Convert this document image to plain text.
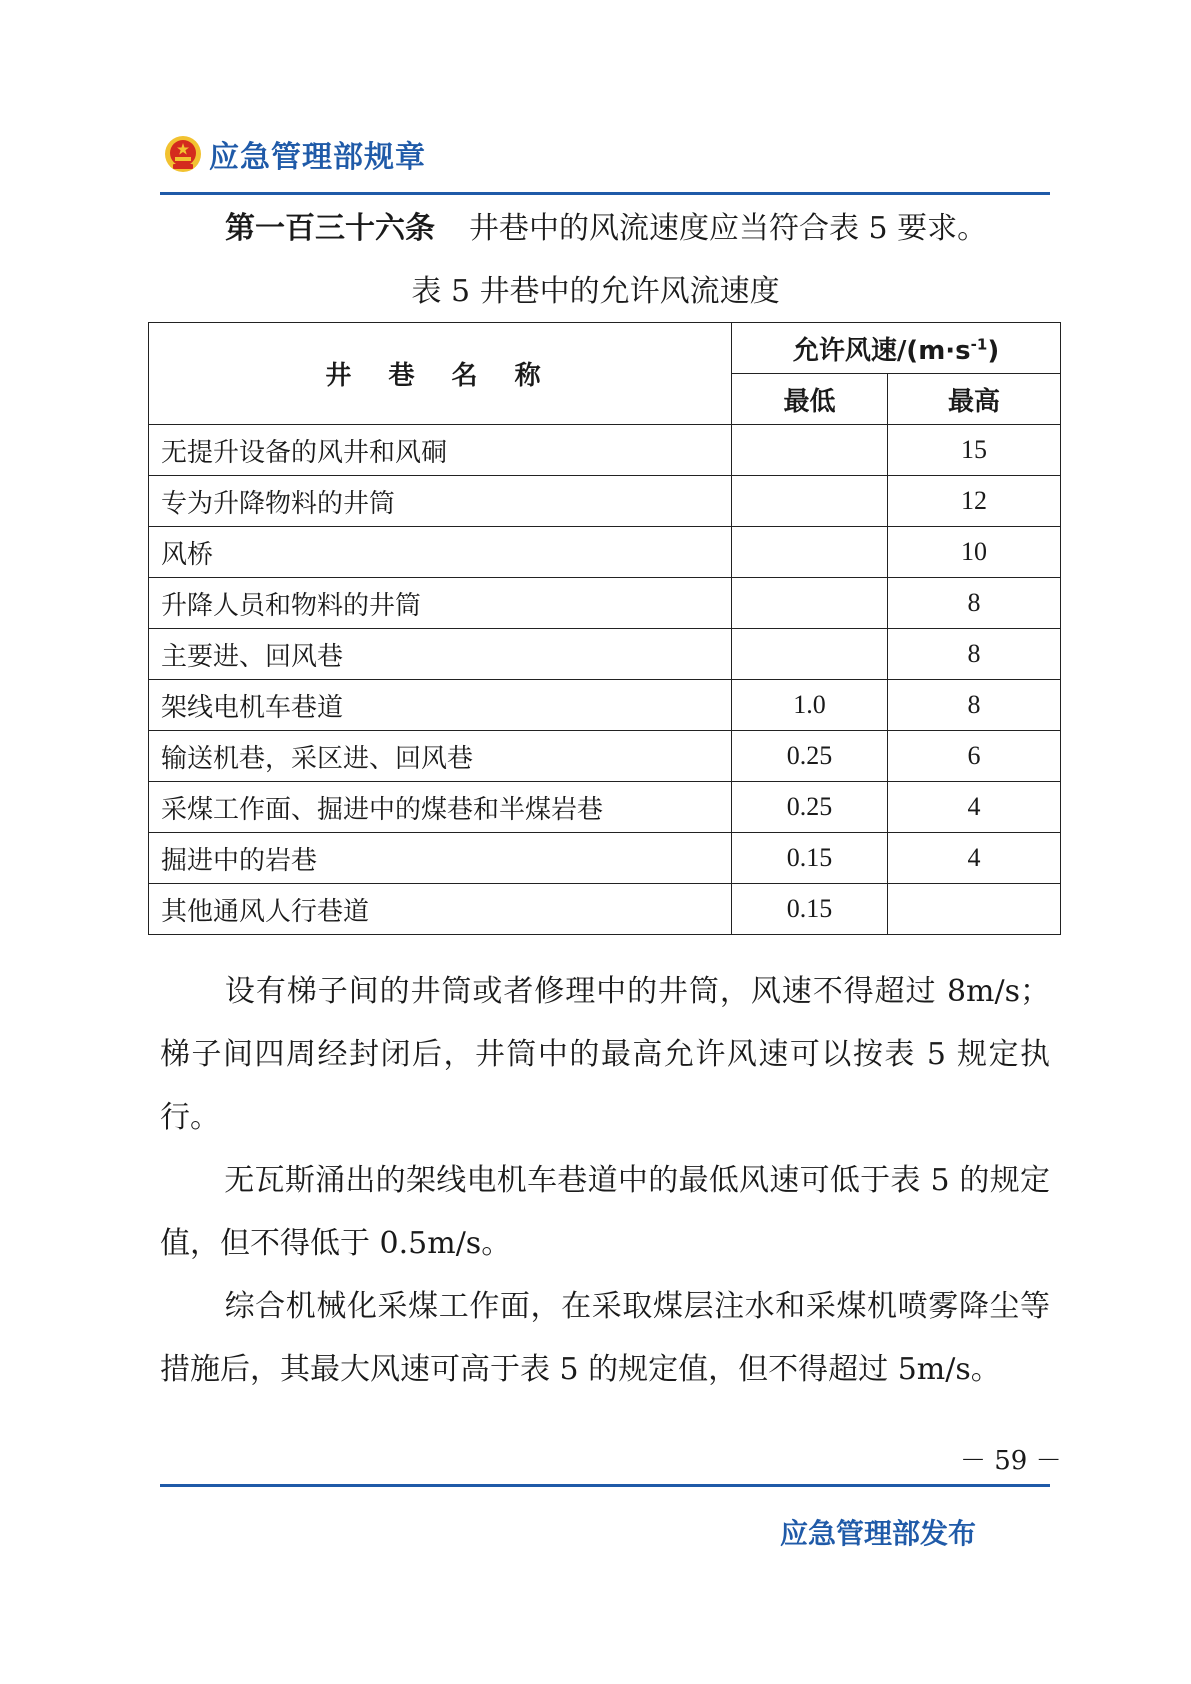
应急管理部规章
第一百三十六条 井巷中的风流速度应当符合表 5 要求。
表 5 井巷中的允许风流速度
井 巷 名 称	允许风速$/(m\cdot s^{-1})$	
	最低	最高
无提升设备的风井和风硐		15
专为升降物料的井筒		12
风桥		10
升降人员和物料的井筒		8
主要进、回风巷		8
架线电机车巷道	1.0	8
输送机巷，采区进、回风巷	0.25	6
采煤工作面、掘进中的煤巷和半煤岩巷	0.25	4
掘进中的岩巷	0.15	4
其他通风人行巷道	0.15	
设有梯子间的井筒或者修理中的井筒，风速不得超过 8m/s；梯子间四周经封闭后，井筒中的最高允许风速可以按表 5 规定执行。
无瓦斯涌出的架线电机车巷道中的最低风速可低于表 5 的规定值，但不得低于 0.5m/s。
综合机械化采煤工作面，在采取煤层注水和采煤机喷雾降尘等措施后，其最大风速可高于表 5 的规定值，但不得超过 5m/s。
－ 59 －
应急管理部发布
